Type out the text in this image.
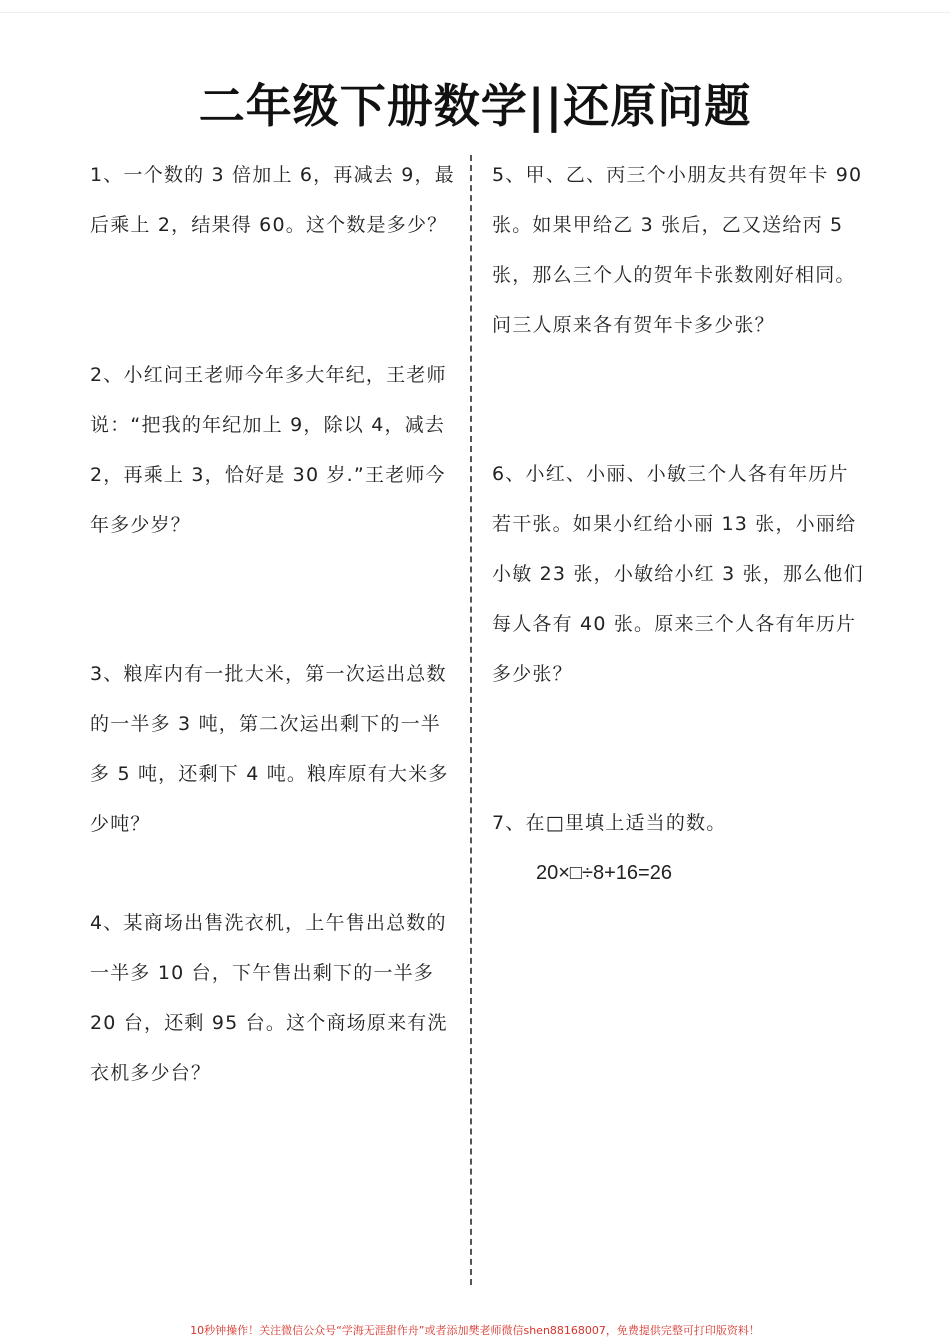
二年级下册数学||还原问题
1、一个数的 3 倍加上 6，再减去 9，最后乘上 2，结果得 60。这个数是多少？
2、小红问王老师今年多大年纪，王老师说：“把我的年纪加上 9，除以 4，减去 2，再乘上 3，恰好是 30 岁.”王老师今年多少岁？
3、粮库内有一批大米，第一次运出总数的一半多 3 吨，第二次运出剩下的一半多 5 吨，还剩下 4 吨。粮库原有大米多少吨？
4、某商场出售洗衣机，上午售出总数的一半多 10 台，下午售出剩下的一半多 20 台，还剩 95 台。这个商场原来有洗衣机多少台？
5、甲、乙、丙三个小朋友共有贺年卡 90 张。如果甲给乙 3 张后，乙又送给丙 5 张，那么三个人的贺年卡张数刚好相同。问三人原来各有贺年卡多少张？
6、小红、小丽、小敏三个人各有年历片若干张。如果小红给小丽 13 张，小丽给小敏 23 张，小敏给小红 3 张，那么他们每人各有 40 张。原来三个人各有年历片多少张？
7、在□里填上适当的数。
20×□÷8+16=26
10秒钟操作！关注微信公众号“学海无涯甜作舟”或者添加樊老师微信shen88168007，免费提供完整可打印版资料！
